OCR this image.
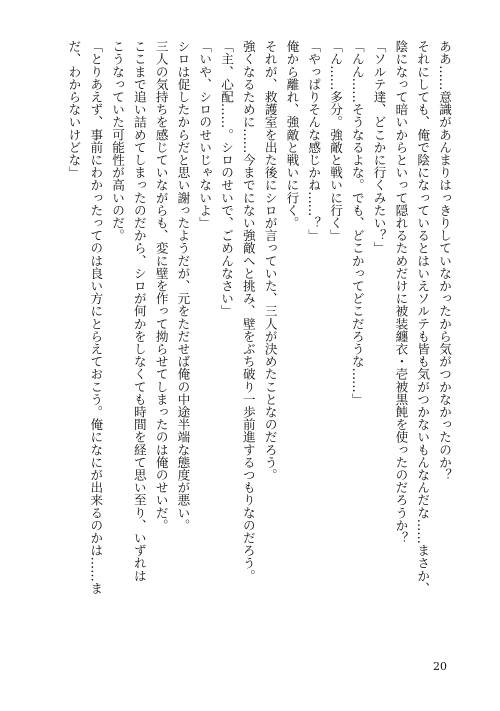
ああ……意識があんまりはっきりしていなかったから気がつかなかったのか？
それにしても、俺で陰になっているとはいえソルテも皆も気がつかないもんなんだな……まさか、
陰になって暗いからといって隠れるためだけに被装纏衣・壱被黒飩を使ったのだろうか？
「ソルテ達、どこかに行くみたい？」
「んん……そうなるよな。でも、どこかってどこだろうな……」
「ん……多分。強敵と戦いに行く」
「やっぱりそんな感じかね……？」
俺から離れ、強敵と戦いに行く。
それが、救護室を出た後にシロが言っていた、三人が決めたことなのだろう。
強くなるために……今までにない強敵へと挑み、壁をぶち破り一歩前進するつもりなのだろう。
「主、心配……。シロのせいで、ごめんなさい」
「いや、シロのせいじゃないよ」
シロは促したからだと思い謝ったようだが、元をただせば俺の中途半端な態度が悪い。
三人の気持ちを感じていながらも、変に壁を作って拗らせてしまったのは俺のせいだ。
ここまで追い詰めてしまったのだから、シロが何かをしなくても時間を経て思い至り、いずれは
こうなっていた可能性が高いのだ。
「とりあえず、事前にわかったってのは良い方にとらえておこう。俺になにが出来るのかは……ま
だ、わからないけどな」
20
